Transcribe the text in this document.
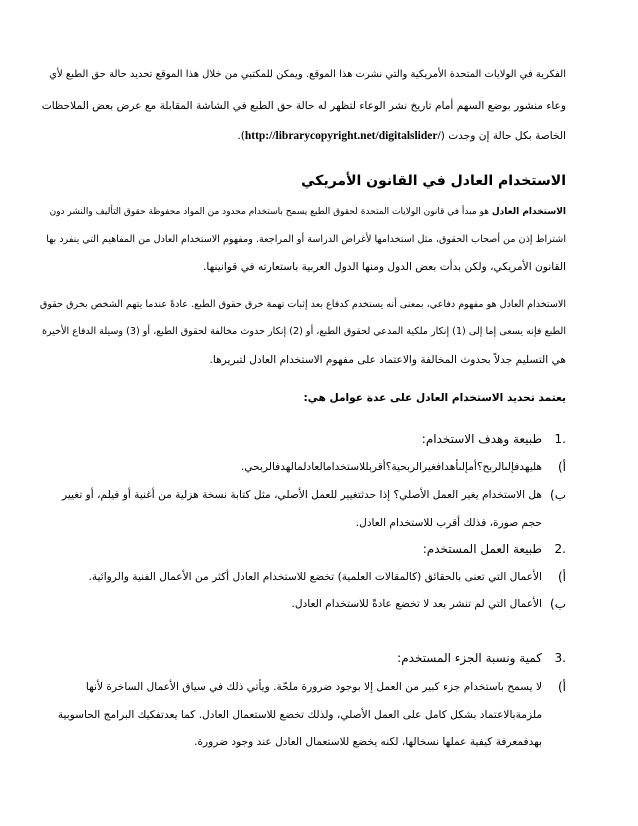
الفكرية في الولايات المتحدة الأمريكية والتي نشرت هذا الموقع. ويمكن للمكتبي من خلال هذا الموقع تحديد حالة حق الطبع لأي
وعاء منشور بوضع السهم أمام تاريخ نشر الوعاء لتظهر له حالة حق الطبع في الشاشة المقابلة مع عرض بعض الملاحظات
الخاصة بكل حالة إن وجدت (http://librarycopyright.net/digitalslider/).
الاستخدام العادل في القانون الأمريكي
الاستخدام العادل هو مبدأ في قانون الولايات المتحدة لحقوق الطبع يسمح باستخدام محدود من المواد محفوظة حقوق التأليف والنشر دون
اشتراط إذن من أصحاب الحقوق، مثل استخدامها لأغراض الدراسة أو المراجعة. ومفهوم الاستخدام العادل من المفاهيم التي ينفرد بها
القانون الأمريكي، ولكن بدأت بعض الدول ومنها الدول العربية باستعارته في قوانينها.
الاستخدام العادل هو مفهوم دفاعي، بمعنى أنه يستخدم كدفاع بعد إثبات تهمة خرق حقوق الطبع. عادةً عندما يتهم الشخص بخرق حقوق
الطبع فإنه يسعى إما إلى (1) إنكار ملكية المدعي لحقوق الطبع، أو (2) إنكار حدوث مخالفة لحقوق الطبع، أو (3) وسيلة الدفاع الأخيرة
هي التسليم جدلاً بحدوث المخالفة والاعتماد على مفهوم الاستخدام العادل لتبريرها.
يعتمد تحديد الاستخدام العادل على عدة عوامل هي:
1.
طبيعة وهدف الاستخدام:
أ)
هليهدفإلىالربح؟أمإلىأهدافغيرالربحية؟أقربللاستخدامالعادلمالهدفالربحي.
ب)
هل الاستخدام يغير العمل الأصلي؟ إذا حدثتغيير للعمل الأصلي، مثل كتابة نسخة هزلية من أغنية أو فيلم، أو تغيير
حجم صورة، فذلك أقرب للاستخدام العادل.
2.
طبيعة العمل المستخدم:
أ)
الأعمال التي تعنى بالحقائق (كالمقالات العلمية) تخضع للاستخدام العادل أكثر من الأعمال الفنية والروائية.
ب)
الأعمال التي لم تنشر بعد لا تخضع عادةً للاستخدام العادل.
3.
كمية ونسبة الجزء المستخدم:
أ)
لا يسمح باستخدام جزء كبير من العمل إلا بوجود ضرورة ملحّة. ويأتي ذلك في سياق الأعمال الساخرة لأنها
ملزمةبالاعتماد بشكل كامل على العمل الأصلي، ولذلك تخضع للاستعمال العادل. كما يعدتفكيك البرامج الحاسوبية
بهدفمعرفة كيفية عملها نسخالها، لكنه يخضع للاستعمال العادل عند وجود ضرورة.
